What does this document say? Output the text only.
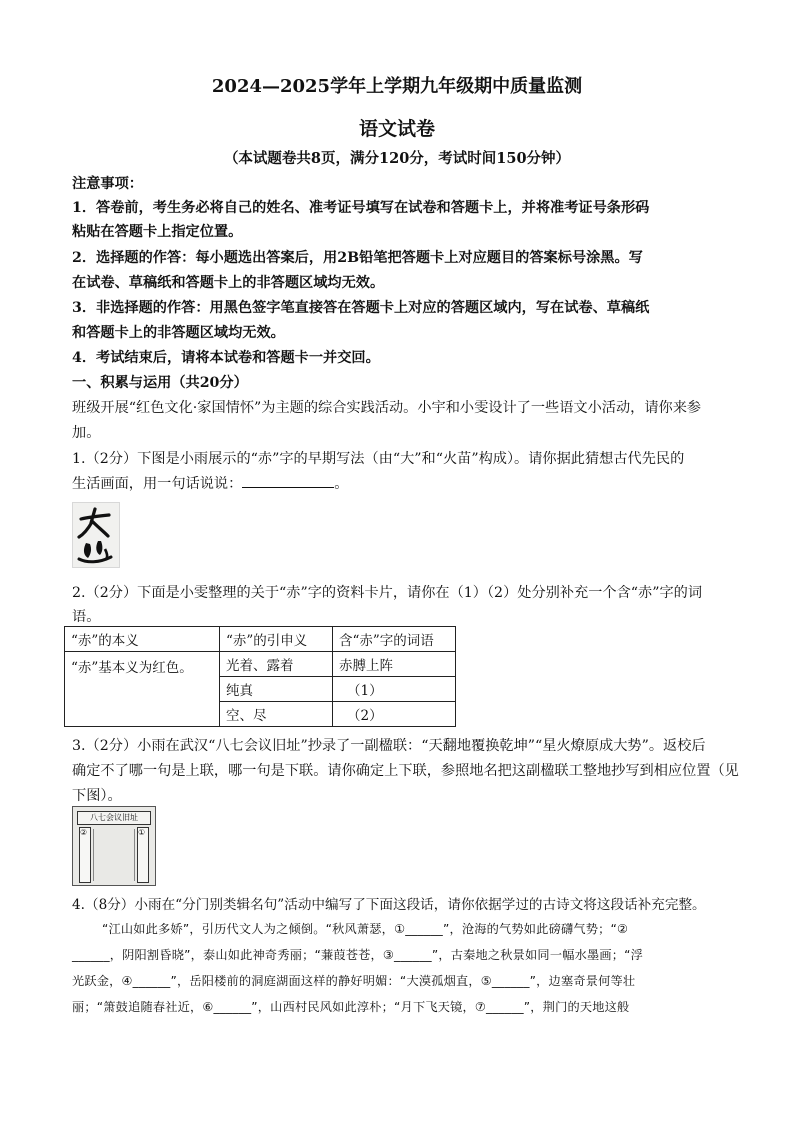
2024—2025学年上学期九年级期中质量监测
语文试卷
（本试题卷共8页，满分120分，考试时间150分钟）
注意事项：
1．答卷前，考生务必将自己的姓名、准考证号填写在试卷和答题卡上，并将准考证号条形码
粘贴在答题卡上指定位置。
2．选择题的作答：每小题选出答案后，用2B铅笔把答题卡上对应题目的答案标号涂黑。写
在试卷、草稿纸和答题卡上的非答题区域均无效。
3．非选择题的作答：用黑色签字笔直接答在答题卡上对应的答题区域内，写在试卷、草稿纸
和答题卡上的非答题区域均无效。
4．考试结束后，请将本试卷和答题卡一并交回。
一、积累与运用（共20分）
班级开展“红色文化·家国情怀”为主题的综合实践活动。小宇和小雯设计了一些语文小活动，请你来参
加。
1.（2分）下图是小雨展示的“赤”字的早期写法（由“大”和“火苗”构成）。请你据此猜想古代先民的
生活画面，用一句话说说：	。
2.（2分）下面是小雯整理的关于“赤”字的资料卡片，请你在（1）（2）处分别补充一个含“赤”字的词
语。
“赤”的本义	“赤”的引申义	含“赤”字的词语
“赤”基本义为红色。	光着、露着	赤膊上阵
	纯真	（1）
	空、尽	（2）
3.（2分）小雨在武汉“八七会议旧址”抄录了一副楹联：“天翻地覆换乾坤”“星火燎原成大势”。返校后
确定不了哪一句是上联，哪一句是下联。请你确定上下联，参照地名把这副楹联工整地抄写到相应位置（见
下图）。
八七会议旧址
②	①
4.（8分）小雨在“分门别类辑名句”活动中编写了下面这段话，请你依据学过的古诗文将这段话补充完整。
“江山如此多娇”，引历代文人为之倾倒。“秋风萧瑟，①______”，沧海的气势如此磅礴气势；“②
______，阴阳割昏晓”，泰山如此神奇秀丽；“蒹葭苍苍，③______”，古秦地之秋景如同一幅水墨画；“浮
光跃金，④______”，岳阳楼前的洞庭湖面这样的静好明媚：“大漠孤烟直，⑤______”，边塞奇景何等壮
丽；“箫鼓追随春社近，⑥______”，山西村民风如此淳朴；“月下飞天镜，⑦______”，荆门的天地这般
